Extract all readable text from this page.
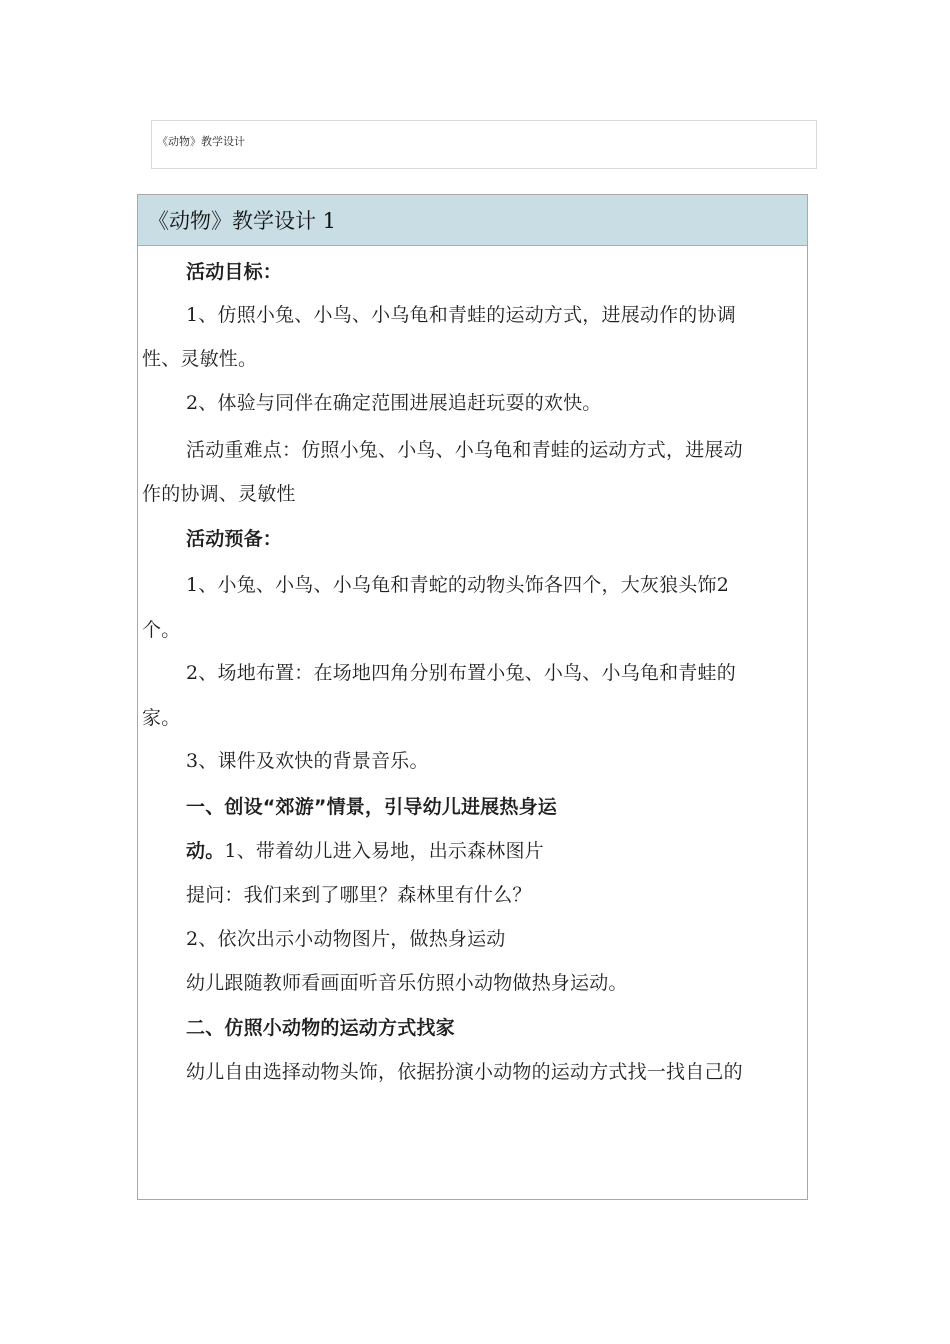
《动物》教学设计
《动物》教学设计 1
活动目标：
1、仿照小兔、小鸟、小乌龟和青蛙的运动方式，进展动作的协调
性、灵敏性。
2、体验与同伴在确定范围进展追赶玩耍的欢快。
活动重难点：仿照小兔、小鸟、小乌龟和青蛙的运动方式，进展动
作的协调、灵敏性
活动预备：
1、小兔、小鸟、小乌龟和青蛇的动物头饰各四个，大灰狼头饰2
个。
2、场地布置：在场地四角分别布置小兔、小鸟、小乌龟和青蛙的
家。
3、课件及欢快的背景音乐。
一、创设“郊游”情景，引导幼儿进展热身运
动。1、带着幼儿进入易地，出示森林图片
提问：我们来到了哪里？森林里有什么？
2、依次出示小动物图片，做热身运动
幼儿跟随教师看画面听音乐仿照小动物做热身运动。
二、仿照小动物的运动方式找家
幼儿自由选择动物头饰，依据扮演小动物的运动方式找一找自己的
